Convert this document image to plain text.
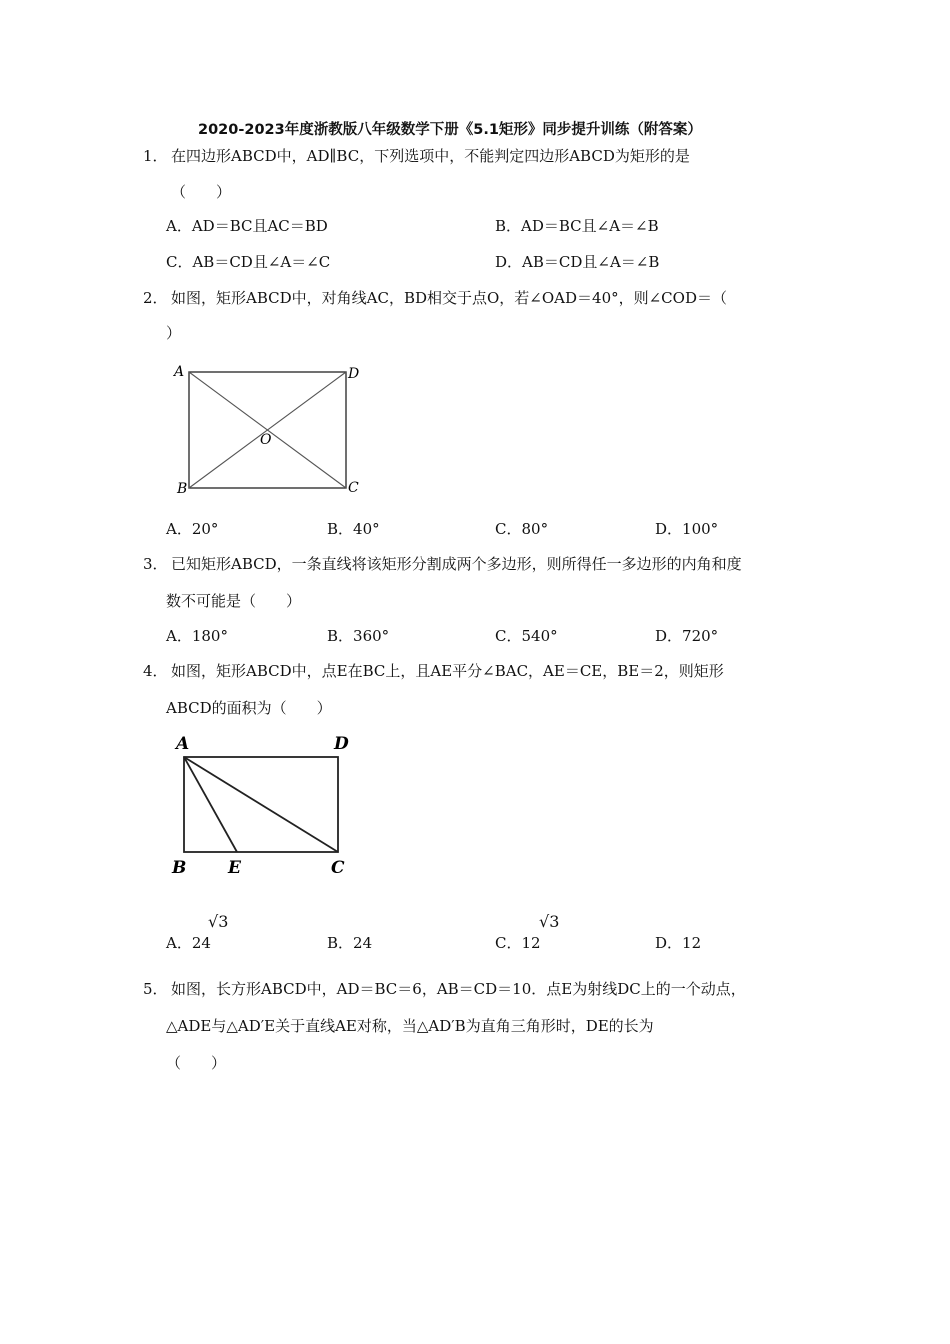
2020-2023年度浙教版八年级数学下册《5.1矩形》同步提升训练（附答案）
1． 在四边形ABCD中，AD∥BC，下列选项中，不能判定四边形ABCD为矩形的是
（　　）
A．AD＝BC且AC＝BD	B．AD＝BC且∠A＝∠B
C．AB＝CD且∠A＝∠C	D．AB＝CD且∠A＝∠B
2． 如图，矩形ABCD中，对角线AC，BD相交于点O，若∠OAD＝40°，则∠COD＝（
）
A	D
O
B	C
A．20°	B．40°	C．80°	D．100°
3． 已知矩形ABCD，一条直线将该矩形分割成两个多边形，则所得任一多边形的内角和度
数不可能是（　　）
A．180°	B．360°	C．540°	D．720°
4． 如图，矩形ABCD中，点E在BC上，且AE平分∠BAC，AE＝CE，BE＝2，则矩形
ABCD的面积为（　　）
A	D
B E	C
A．24
√3
B．24	C．12
√3
D．12
5． 如图，长方形ABCD中，AD＝BC＝6，AB＝CD＝10．点E为射线DC上的一个动点，
△ADE与△AD′E关于直线AE对称，当△AD′B为直角三角形时，DE的长为
（　　）
